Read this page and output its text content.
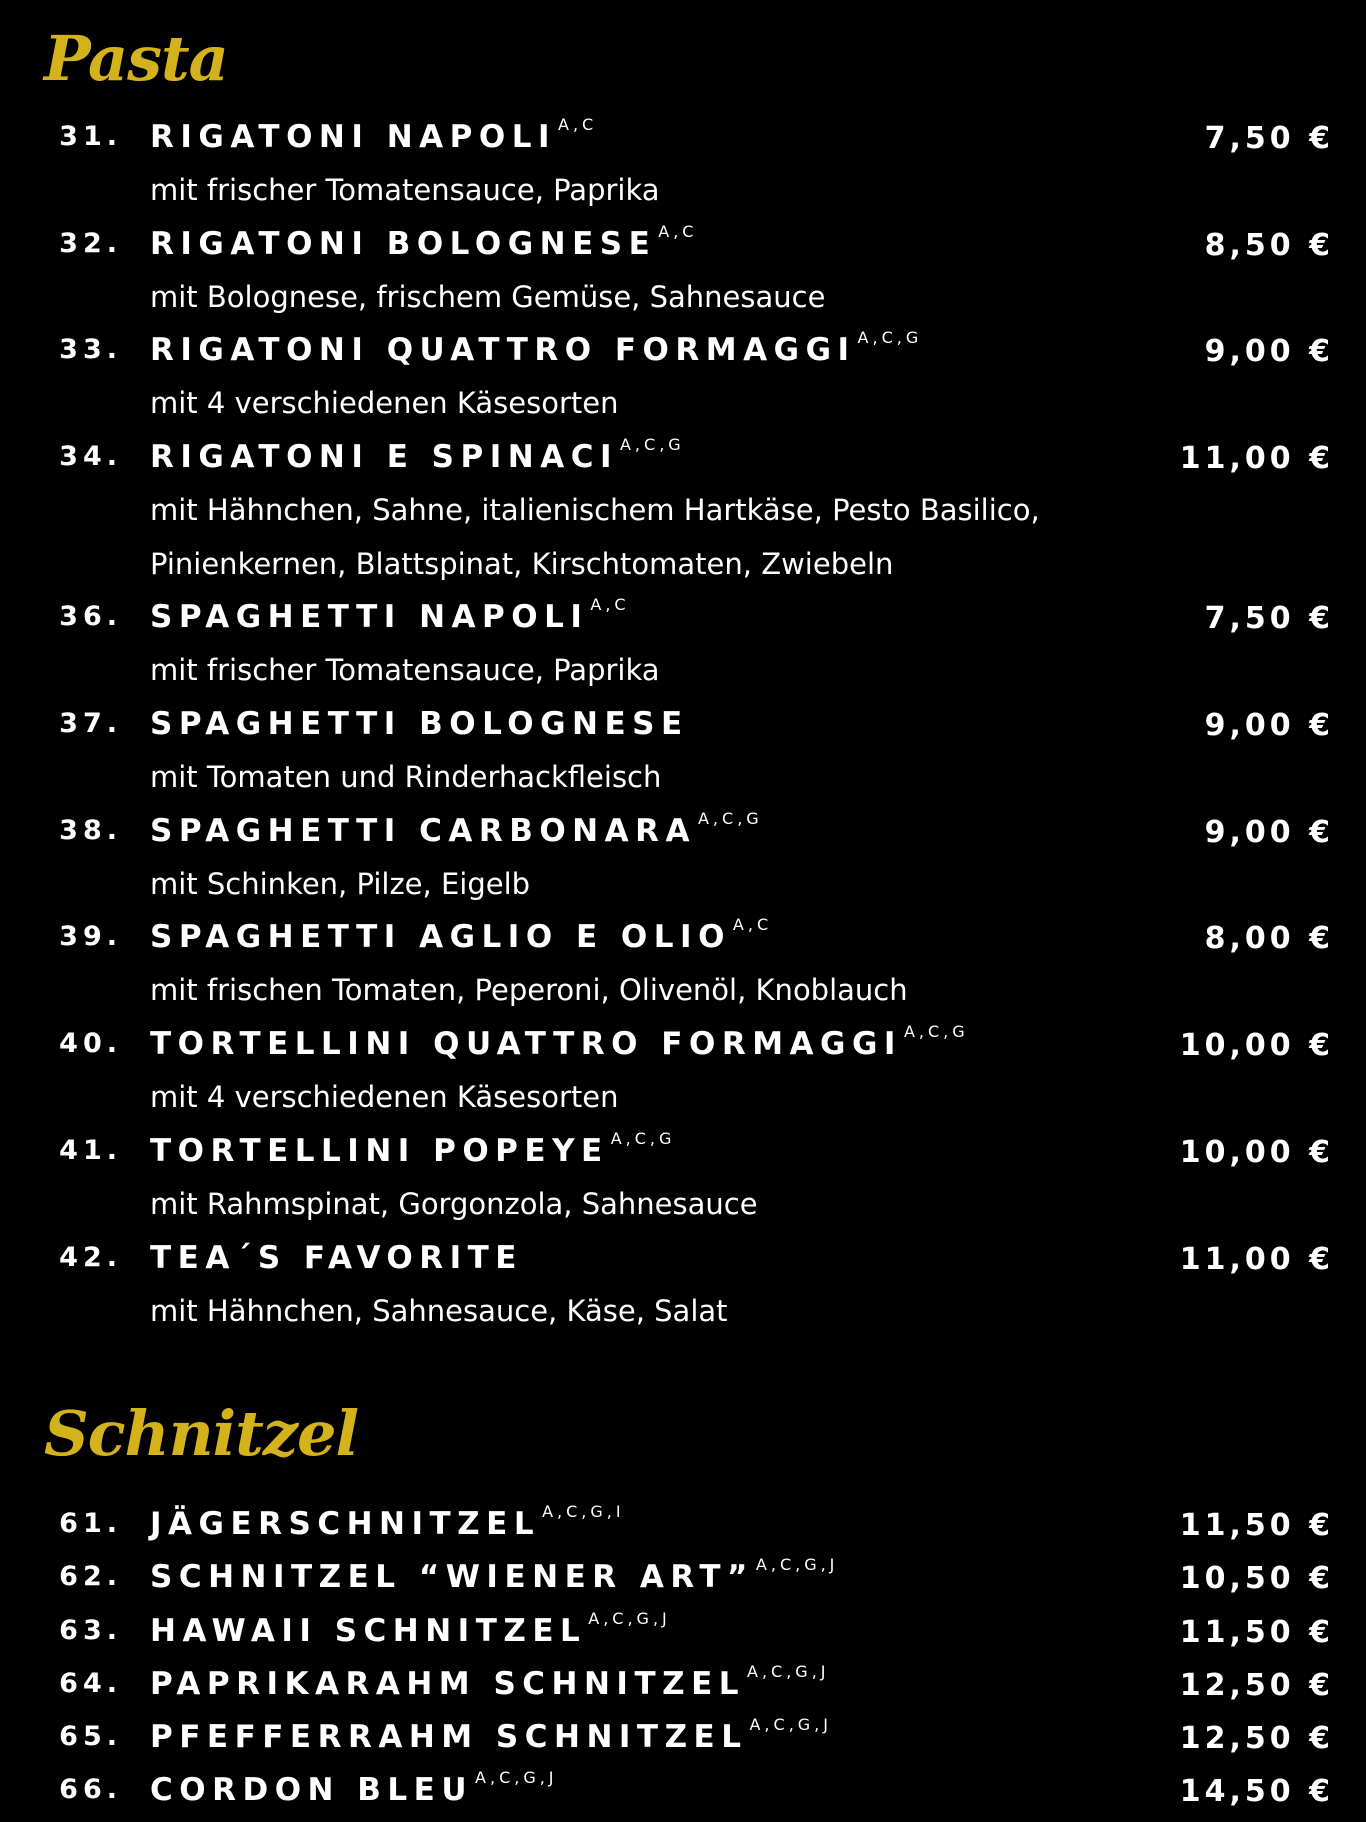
Pasta
31. RIGATONI NAPOLI $^{A,C}$	7,50 €
mit frischer Tomatensauce, Paprika
32. RIGATONI BOLOGNESE $^{A,C}$	8,50 €
mit Bolognese, frischem Gemüse, Sahnesauce
33. RIGATONI QUATTRO FORMAGGI $^{A,C,G}$	9,00 €
mit 4 verschiedenen Käsesorten
34. RIGATONI E SPINACI $^{A,C,G}$	11,00 €
mit Hähnchen, Sahne, italienischem Hartkäse, Pesto Basilico, Pinienkernen, Blattspinat, Kirschtomaten, Zwiebeln
36. SPAGHETTI NAPOLI $^{A,C}$	7,50 €
mit frischer Tomatensauce, Paprika
37. SPAGHETTI BOLOGNESE	9,00 €
mit Tomaten und Rinderhackfleisch
38. SPAGHETTI CARBONARA $^{A,C,G}$	9,00 €
mit Schinken, Pilze, Eigelb
39. SPAGHETTI AGLIO E OLIO $^{A,C}$	8,00 €
mit frischen Tomaten, Peperoni, Olivenöl, Knoblauch
40. TORTELLINI QUATTRO FORMAGGI $^{A,C,G}$	10,00 €
mit 4 verschiedenen Käsesorten
41. TORTELLINI POPEYE $^{A,C,G}$	10,00 €
mit Rahmspinat, Gorgonzola, Sahnesauce
42. TEA´S FAVORITE	11,00 €
mit Hähnchen, Sahnesauce, Käse, Salat
Schnitzel
61. JÄGERSCHNITZEL $^{A,C,G,I}$	11,50 €
62. SCHNITZEL “WIENER ART” $^{A,C,G,J}$	10,50 €
63. HAWAII SCHNITZEL $^{A,C,G,J}$	11,50 €
64. PAPRIKARAHM SCHNITZEL $^{A,C,G,J}$	12,50 €
65. PFEFFERRAHM SCHNITZEL $^{A,C,G,J}$	12,50 €
66. CORDON BLEU $^{A,C,G,J}$	14,50 €
